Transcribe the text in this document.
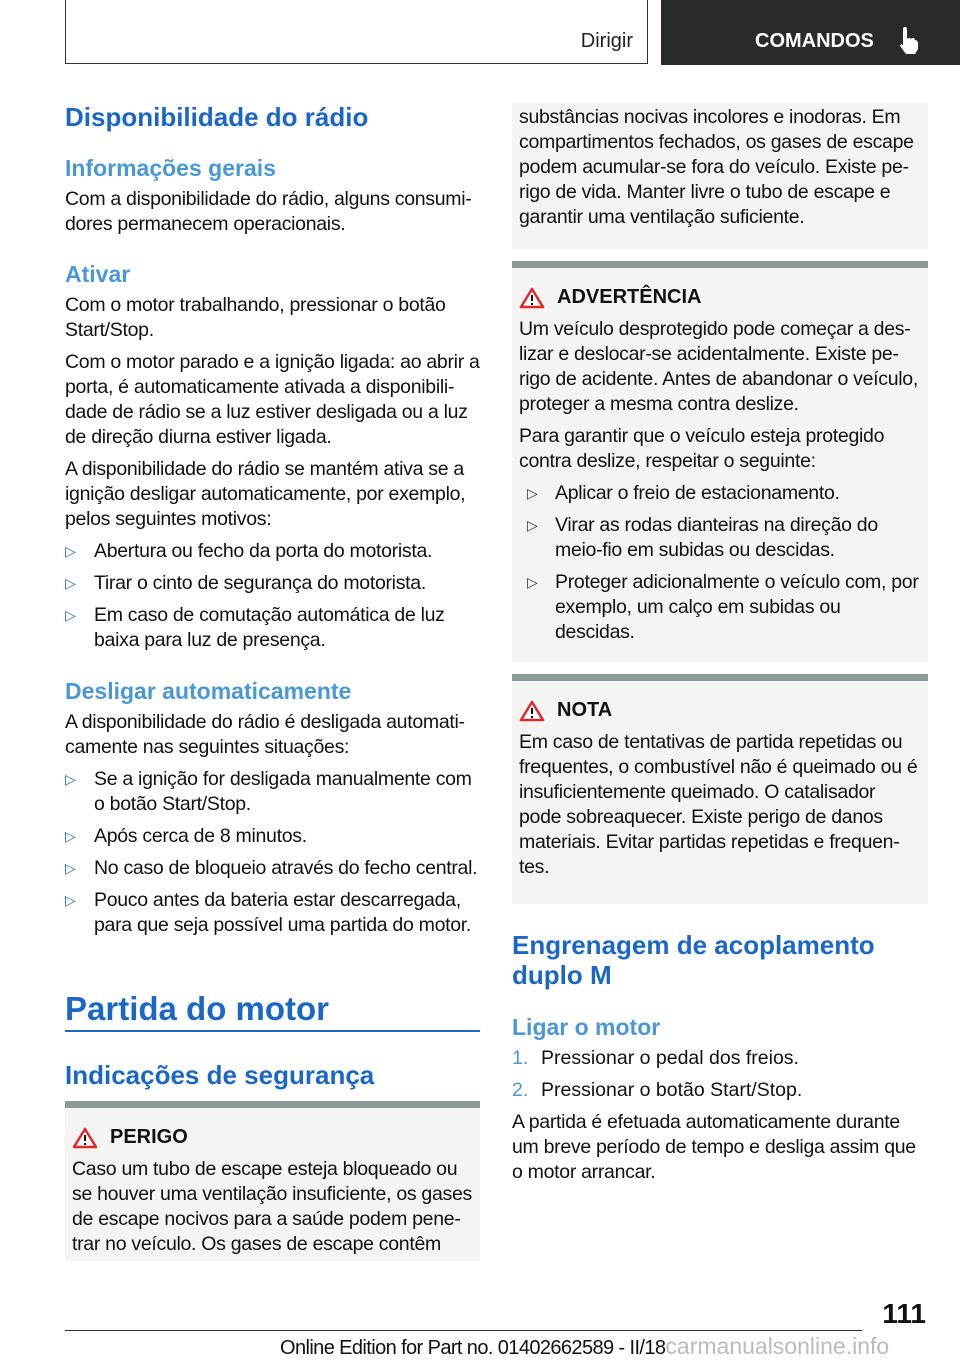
Dirigir	COMANDOS
Disponibilidade do rádio
Informações gerais
Com a disponibilidade do rádio, alguns consumi-dores permanecem operacionais.
Ativar
Com o motor trabalhando, pressionar o botão Start/Stop.
Com o motor parado e a ignição ligada: ao abrir a porta, é automaticamente ativada a disponibili-dade de rádio se a luz estiver desligada ou a luz de direção diurna estiver ligada.
A disponibilidade do rádio se mantém ativa se a ignição desligar automaticamente, por exemplo, pelos seguintes motivos:
▷ Abertura ou fecho da porta do motorista.
▷ Tirar o cinto de segurança do motorista.
▷ Em caso de comutação automática de luz baixa para luz de presença.
Desligar automaticamente
A disponibilidade do rádio é desligada automati-camente nas seguintes situações:
▷ Se a ignição for desligada manualmente com o botão Start/Stop.
▷ Após cerca de 8 minutos.
▷ No caso de bloqueio através do fecho central.
▷ Pouco antes da bateria estar descarregada, para que seja possível uma partida do motor.
Partida do motor
Indicações de segurança
PERIGO
Caso um tubo de escape esteja bloqueado ou se houver uma ventilação insuficiente, os gases de escape nocivos para a saúde podem pene-trar no veículo. Os gases de escape contêm
substâncias nocivas incolores e inodoras. Em compartimentos fechados, os gases de escape podem acumular-se fora do veículo. Existe pe-rigo de vida. Manter livre o tubo de escape e garantir uma ventilação suficiente.
ADVERTÊNCIA
Um veículo desprotegido pode começar a des-lizar e deslocar-se acidentalmente. Existe pe-rigo de acidente. Antes de abandonar o veículo, proteger a mesma contra deslize.
Para garantir que o veículo esteja protegido contra deslize, respeitar o seguinte:
▷ Aplicar o freio de estacionamento.
▷ Virar as rodas dianteiras na direção do meio-fio em subidas ou descidas.
▷ Proteger adicionalmente o veículo com, por exemplo, um calço em subidas ou descidas.
NOTA
Em caso de tentativas de partida repetidas ou frequentes, o combustível não é queimado ou é insuficientemente queimado. O catalisador pode sobreaquecer. Existe perigo de danos materiais. Evitar partidas repetidas e frequen-tes.
Engrenagem de acoplamento duplo M
Ligar o motor
1. Pressionar o pedal dos freios.
2. Pressionar o botão Start/Stop.
A partida é efetuada automaticamente durante um breve período de tempo e desliga assim que o motor arrancar.
111
Online Edition for Part no. 01402662589 - II/18carmanualsonline.info
